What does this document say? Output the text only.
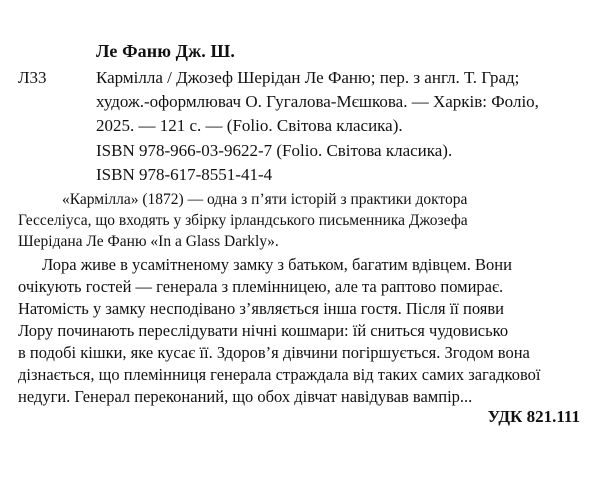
Ле Фаню Дж. Ш.
Л33	Кармілла / Джозеф Шерідан Ле Фаню; пер. з англ. Т. Град;
худож.-оформлювач О. Гугалова-Мєшкова. — Харків: Фоліо,
2025. — 121 с. — (Folio. Світова класика).
ISBN 978-966-03-9622-7 (Folio. Світова класика).
ISBN 978-617-8551-41-4
«Кармілла» (1872) — одна з п’яти історій з практики доктора
Гесселіуса, що входять у збірку ірландського письменника Джозефа
Шерідана Ле Фаню «In a Glass Darkly».
Лора живе в усамітненому замку з батьком, багатим вдівцем. Вони
очікують гостей — генерала з племінницею, але та раптово помирає.
Натомість у замку несподівано з’являється інша гостя. Після її появи
Лору починають переслідувати нічні кошмари: їй сниться чудовисько
в подобі кішки, яке кусає її. Здоров’я дівчини погіршується. Згодом вона
дізнається, що племінниця генерала страждала від таких самих загадкової
недуги. Генерал переконаний, що обох дівчат навідував вампір...
УДК 821.111
